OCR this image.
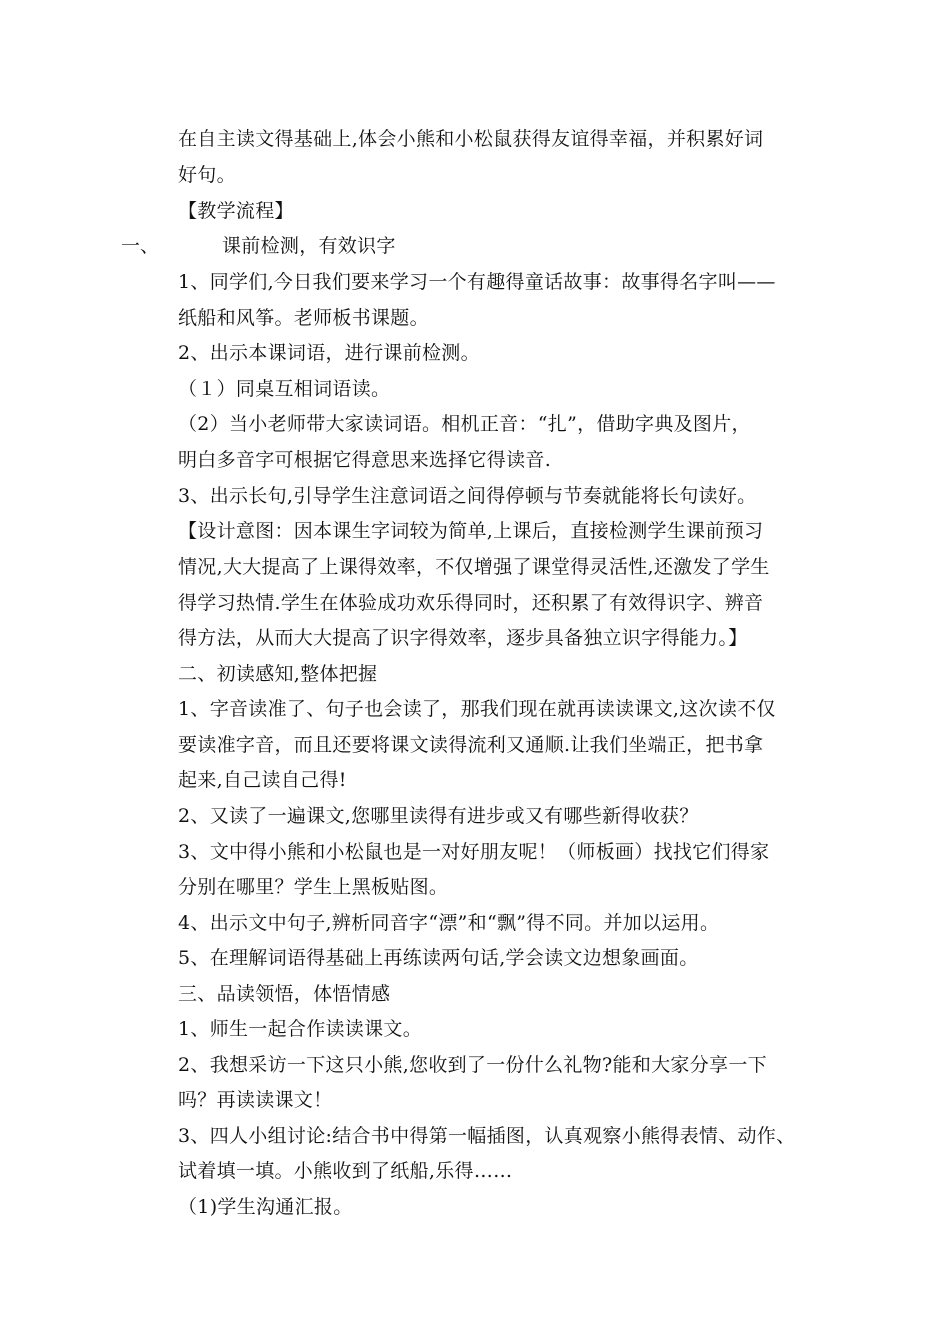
在自主读文得基础上,体会小熊和小松鼠获得友谊得幸福，并积累好词
好句。
【教学流程】
一、	课前检测，有效识字
1、同学们,今日我们要来学习一个有趣得童话故事：故事得名字叫——
纸船和风筝。老师板书课题。
2、出示本课词语，进行课前检测。
（１）同桌互相词语读。
（2）当小老师带大家读词语。相机正音：“扎”，借助字典及图片，
明白多音字可根据它得意思来选择它得读音.
3、出示长句,引导学生注意词语之间得停顿与节奏就能将长句读好。
【设计意图：因本课生字词较为简单,上课后，直接检测学生课前预习
情况,大大提高了上课得效率，不仅增强了课堂得灵活性,还激发了学生
得学习热情.学生在体验成功欢乐得同时，还积累了有效得识字、辨音
得方法，从而大大提高了识字得效率，逐步具备独立识字得能力。】
二、初读感知,整体把握
1、字音读准了、句子也会读了，那我们现在就再读读课文,这次读不仅
要读准字音，而且还要将课文读得流利又通顺.让我们坐端正，把书拿
起来,自己读自己得!
2、又读了一遍课文,您哪里读得有进步或又有哪些新得收获？
3、文中得小熊和小松鼠也是一对好朋友呢！（师板画）找找它们得家
分别在哪里？学生上黑板贴图。
4、出示文中句子,辨析同音字“漂”和“飘”得不同。并加以运用。
5、在理解词语得基础上再练读两句话,学会读文边想象画面。
三、品读领悟，体悟情感
1、师生一起合作读读课文。
2、我想采访一下这只小熊,您收到了一份什么礼物?能和大家分享一下
吗？再读读课文！
3、四人小组讨论:结合书中得第一幅插图，认真观察小熊得表情、动作、
试着填一填。小熊收到了纸船,乐得……
（1)学生沟通汇报。
